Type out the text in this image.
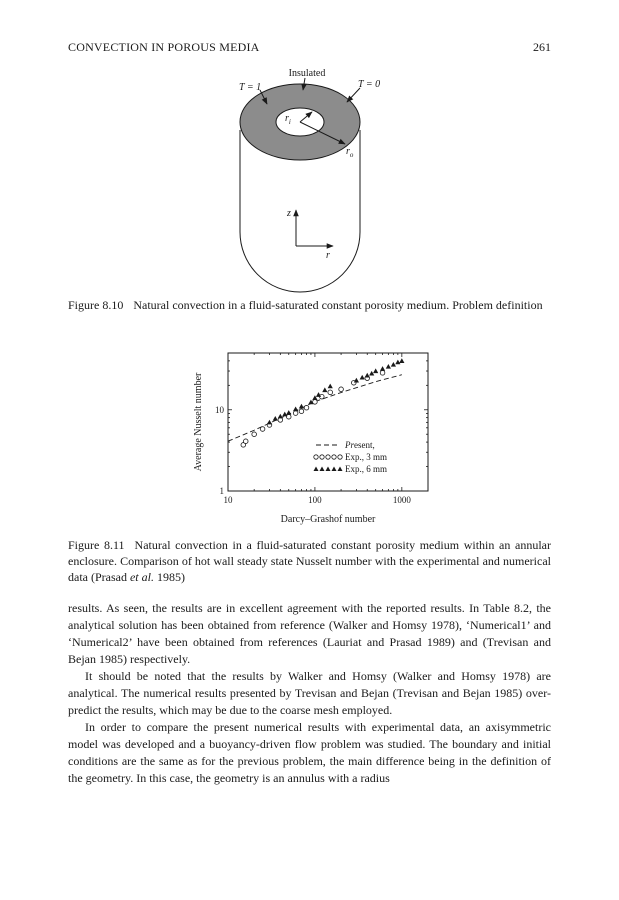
CONVECTION IN POROUS MEDIA	261
Insulated
T = 1	T = 0
$r_i$
$r_o$
z
r
Figure 8.10 Natural convection in a fluid-saturated constant porosity medium. Problem definition
10	100	1000
1
10
Present,
Exp., 3 mm
Exp., 6 mm
Average Nusselt number
Darcy–Grashof number
Figure 8.11 Natural convection in a fluid-saturated constant porosity medium within an annular enclosure. Comparison of hot wall steady state Nusselt number with the experimental and numerical data (Prasad et al. 1985)

results. As seen, the results are in excellent agreement with the reported results. In Table 8.2, the analytical solution has been obtained from reference (Walker and Homsy 1978), ‘Numerical1’ and ‘Numerical2’ have been obtained from references (Lauriat and Prasad 1989) and (Trevisan and Bejan 1985) respectively.

It should be noted that the results by Walker and Homsy (Walker and Homsy 1978) are analytical. The numerical results presented by Trevisan and Bejan (Trevisan and Bejan 1985) over-predict the results, which may be due to the coarse mesh employed.

In order to compare the present numerical results with experimental data, an axisymmetric model was developed and a buoyancy-driven flow problem was studied. The boundary and initial conditions are the same as for the previous problem, the main difference being in the definition of the geometry. In this case, the geometry is an annulus with a radius
